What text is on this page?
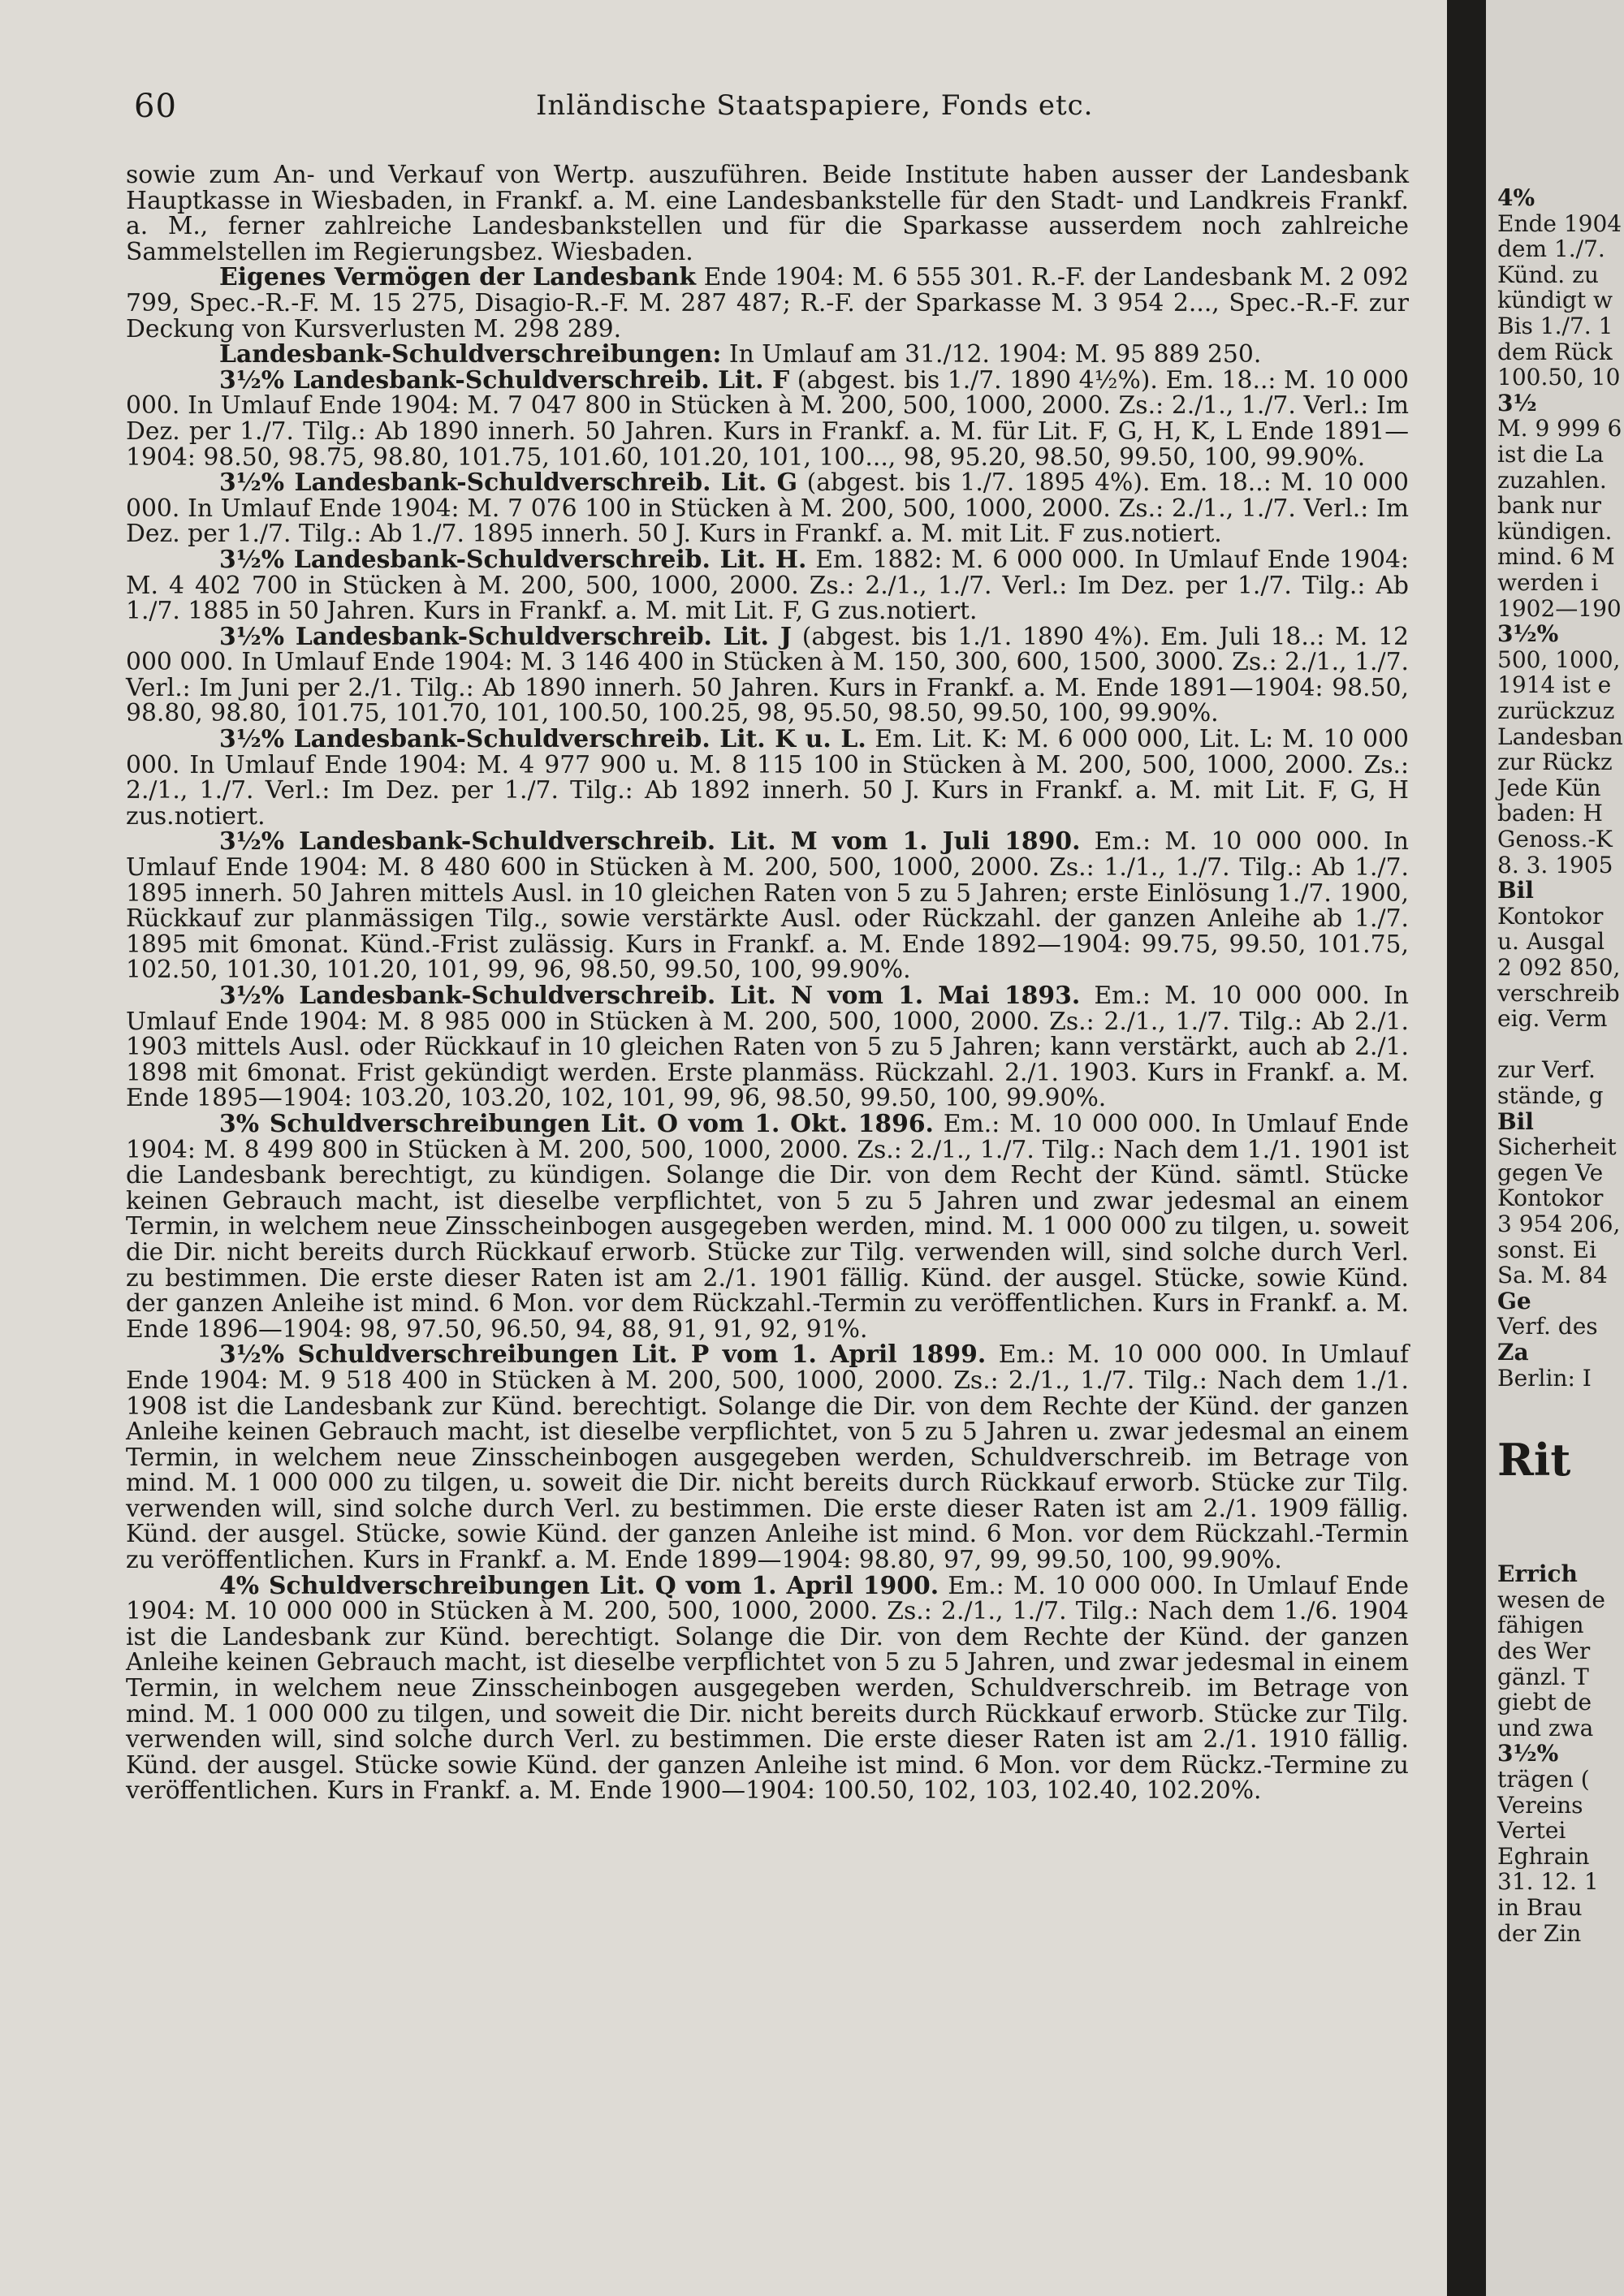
60	Inländische Staatspapiere, Fonds etc.

sowie zum An- und Verkauf von Wertp. auszuführen. Beide Institute haben ausser der Landesbank Hauptkasse in Wiesbaden, in Frankf. a. M. eine Landesbankstelle für den Stadt- und Landkreis Frankf. a. M., ferner zahlreiche Landesbankstellen und für die Sparkasse ausserdem noch zahlreiche Sammelstellen im Regierungsbez. Wiesbaden.

Eigenes Vermögen der Landesbank Ende 1904: M. 6 555 301. R.-F. der Landesbank M. 2 092 799, Spec.-R.-F. M. 15 275, Disagio-R.-F. M. 287 487; R.-F. der Sparkasse M. 3 954 2..., Spec.-R.-F. zur Deckung von Kursverlusten M. 298 289.

Landesbank-Schuldverschreibungen: In Umlauf am 31./12. 1904: M. 95 889 250.

3½% Landesbank-Schuldverschreib. Lit. F (abgest. bis 1./7. 1890 4½%). Em. 18..: M. 10 000 000. In Umlauf Ende 1904: M. 7 047 800 in Stücken à M. 200, 500, 1000, 2000. Zs.: 2./1., 1./7. Verl.: Im Dez. per 1./7. Tilg.: Ab 1890 innerh. 50 Jahren. Kurs in Frankf. a. M. für Lit. F, G, H, K, L Ende 1891—1904: 98.50, 98.75, 98.80, 101.75, 101.60, 101.20, 101, 100..., 98, 95.20, 98.50, 99.50, 100, 99.90%.

3½% Landesbank-Schuldverschreib. Lit. G (abgest. bis 1./7. 1895 4%). Em. 18..: M. 10 000 000. In Umlauf Ende 1904: M. 7 076 100 in Stücken à M. 200, 500, 1000, 2000. Zs.: 2./1., 1./7. Verl.: Im Dez. per 1./7. Tilg.: Ab 1./7. 1895 innerh. 50 J. Kurs in Frankf. a. M. mit Lit. F zus.notiert.

3½% Landesbank-Schuldverschreib. Lit. H. Em. 1882: M. 6 000 000. In Umlauf Ende 1904: M. 4 402 700 in Stücken à M. 200, 500, 1000, 2000. Zs.: 2./1., 1./7. Verl.: Im Dez. per 1./7. Tilg.: Ab 1./7. 1885 in 50 Jahren. Kurs in Frankf. a. M. mit Lit. F, G zus.notiert.

3½% Landesbank-Schuldverschreib. Lit. J (abgest. bis 1./1. 1890 4%). Em. Juli 18..: M. 12 000 000. In Umlauf Ende 1904: M. 3 146 400 in Stücken à M. 150, 300, 600, 1500, 3000. Zs.: 2./1., 1./7. Verl.: Im Juni per 2./1. Tilg.: Ab 1890 innerh. 50 Jahren. Kurs in Frankf. a. M. Ende 1891—1904: 98.50, 98.80, 98.80, 101.75, 101.70, 101, 100.50, 100.25, 98, 95.50, 98.50, 99.50, 100, 99.90%.

3½% Landesbank-Schuldverschreib. Lit. K u. L. Em. Lit. K: M. 6 000 000, Lit. L: M. 10 000 000. In Umlauf Ende 1904: M. 4 977 900 u. M. 8 115 100 in Stücken à M. 200, 500, 1000, 2000. Zs.: 2./1., 1./7. Verl.: Im Dez. per 1./7. Tilg.: Ab 1892 innerh. 50 J. Kurs in Frankf. a. M. mit Lit. F, G, H zus.notiert.

3½% Landesbank-Schuldverschreib. Lit. M vom 1. Juli 1890. Em.: M. 10 000 000. In Umlauf Ende 1904: M. 8 480 600 in Stücken à M. 200, 500, 1000, 2000. Zs.: 1./1., 1./7. Tilg.: Ab 1./7. 1895 innerh. 50 Jahren mittels Ausl. in 10 gleichen Raten von 5 zu 5 Jahren; erste Einlösung 1./7. 1900, Rückkauf zur planmässigen Tilg., sowie verstärkte Ausl. oder Rückzahl. der ganzen Anleihe ab 1./7. 1895 mit 6monat. Künd.-Frist zulässig. Kurs in Frankf. a. M. Ende 1892—1904: 99.75, 99.50, 101.75, 102.50, 101.30, 101.20, 101, 99, 96, 98.50, 99.50, 100, 99.90%.

3½% Landesbank-Schuldverschreib. Lit. N vom 1. Mai 1893. Em.: M. 10 000 000. In Umlauf Ende 1904: M. 8 985 000 in Stücken à M. 200, 500, 1000, 2000. Zs.: 2./1., 1./7. Tilg.: Ab 2./1. 1903 mittels Ausl. oder Rückkauf in 10 gleichen Raten von 5 zu 5 Jahren; kann verstärkt, auch ab 2./1. 1898 mit 6monat. Frist gekündigt werden. Erste planmäss. Rückzahl. 2./1. 1903. Kurs in Frankf. a. M. Ende 1895—1904: 103.20, 103.20, 102, 101, 99, 96, 98.50, 99.50, 100, 99.90%.

3% Schuldverschreibungen Lit. O vom 1. Okt. 1896. Em.: M. 10 000 000. In Umlauf Ende 1904: M. 8 499 800 in Stücken à M. 200, 500, 1000, 2000. Zs.: 2./1., 1./7. Tilg.: Nach dem 1./1. 1901 ist die Landesbank berechtigt, zu kündigen. Solange die Dir. von dem Recht der Künd. sämtl. Stücke keinen Gebrauch macht, ist dieselbe verpflichtet, von 5 zu 5 Jahren und zwar jedesmal an einem Termin, in welchem neue Zinsscheinbogen ausgegeben werden, mind. M. 1 000 000 zu tilgen, u. soweit die Dir. nicht bereits durch Rückkauf erworb. Stücke zur Tilg. verwenden will, sind solche durch Verl. zu bestimmen. Die erste dieser Raten ist am 2./1. 1901 fällig. Künd. der ausgel. Stücke, sowie Künd. der ganzen Anleihe ist mind. 6 Mon. vor dem Rückzahl.-Termin zu veröffentlichen. Kurs in Frankf. a. M. Ende 1896—1904: 98, 97.50, 96.50, 94, 88, 91, 91, 92, 91%.

3½% Schuldverschreibungen Lit. P vom 1. April 1899. Em.: M. 10 000 000. In Umlauf Ende 1904: M. 9 518 400 in Stücken à M. 200, 500, 1000, 2000. Zs.: 2./1., 1./7. Tilg.: Nach dem 1./1. 1908 ist die Landesbank zur Künd. berechtigt. Solange die Dir. von dem Rechte der Künd. der ganzen Anleihe keinen Gebrauch macht, ist dieselbe verpflichtet, von 5 zu 5 Jahren u. zwar jedesmal an einem Termin, in welchem neue Zinsscheinbogen ausgegeben werden, Schuldverschreib. im Betrage von mind. M. 1 000 000 zu tilgen, u. soweit die Dir. nicht bereits durch Rückkauf erworb. Stücke zur Tilg. verwenden will, sind solche durch Verl. zu bestimmen. Die erste dieser Raten ist am 2./1. 1909 fällig. Künd. der ausgel. Stücke, sowie Künd. der ganzen Anleihe ist mind. 6 Mon. vor dem Rückzahl.-Termin zu veröffentlichen. Kurs in Frankf. a. M. Ende 1899—1904: 98.80, 97, 99, 99.50, 100, 99.90%.

4% Schuldverschreibungen Lit. Q vom 1. April 1900. Em.: M. 10 000 000. In Umlauf Ende 1904: M. 10 000 000 in Stücken à M. 200, 500, 1000, 2000. Zs.: 2./1., 1./7. Tilg.: Nach dem 1./6. 1904 ist die Landesbank zur Künd. berechtigt. Solange die Dir. von dem Rechte der Künd. der ganzen Anleihe keinen Gebrauch macht, ist dieselbe verpflichtet von 5 zu 5 Jahren, und zwar jedesmal in einem Termin, in welchem neue Zinsscheinbogen ausgegeben werden, Schuldverschreib. im Betrage von mind. M. 1 000 000 zu tilgen, und soweit die Dir. nicht bereits durch Rückkauf erworb. Stücke zur Tilg. verwenden will, sind solche durch Verl. zu bestimmen. Die erste dieser Raten ist am 2./1. 1910 fällig. Künd. der ausgel. Stücke sowie Künd. der ganzen Anleihe ist mind. 6 Mon. vor dem Rückz.-Termine zu veröffentlichen. Kurs in Frankf. a. M. Ende 1900—1904: 100.50, 102, 103, 102.40, 102.20%.

4%
Ende 1904
dem 1./7.
Künd. zu
kündigt w
Bis 1./7. 1
dem Rück
100.50, 10
3½
M. 9 999 6
ist die La
zuzahlen.
bank nur
kündigen.
mind. 6 M
werden i
1902—190
3½%
500, 1000,
1914 ist e
zurückzuz
Landesban
zur Rückz
Jede Kün
baden: H
Genoss.-K
8. 3. 1905
Bil
Kontokor
u. Ausgal
2 092 850,
verschreib
eig. Verm
zur Verf.
stände, g
Bil
Sicherheit
gegen Ve
Kontokor
3 954 206,
sonst. Ei
Sa. M. 84
Ge
Verf. des
Za
Berlin: I
Rit
Errich
wesen de
fähigen
des Wer
gänzl. T
giebt de
und zwa
3½%
trägen (
Vereins
Vertei
Eghrain
31. 12. 1
in Brau
der Zin
